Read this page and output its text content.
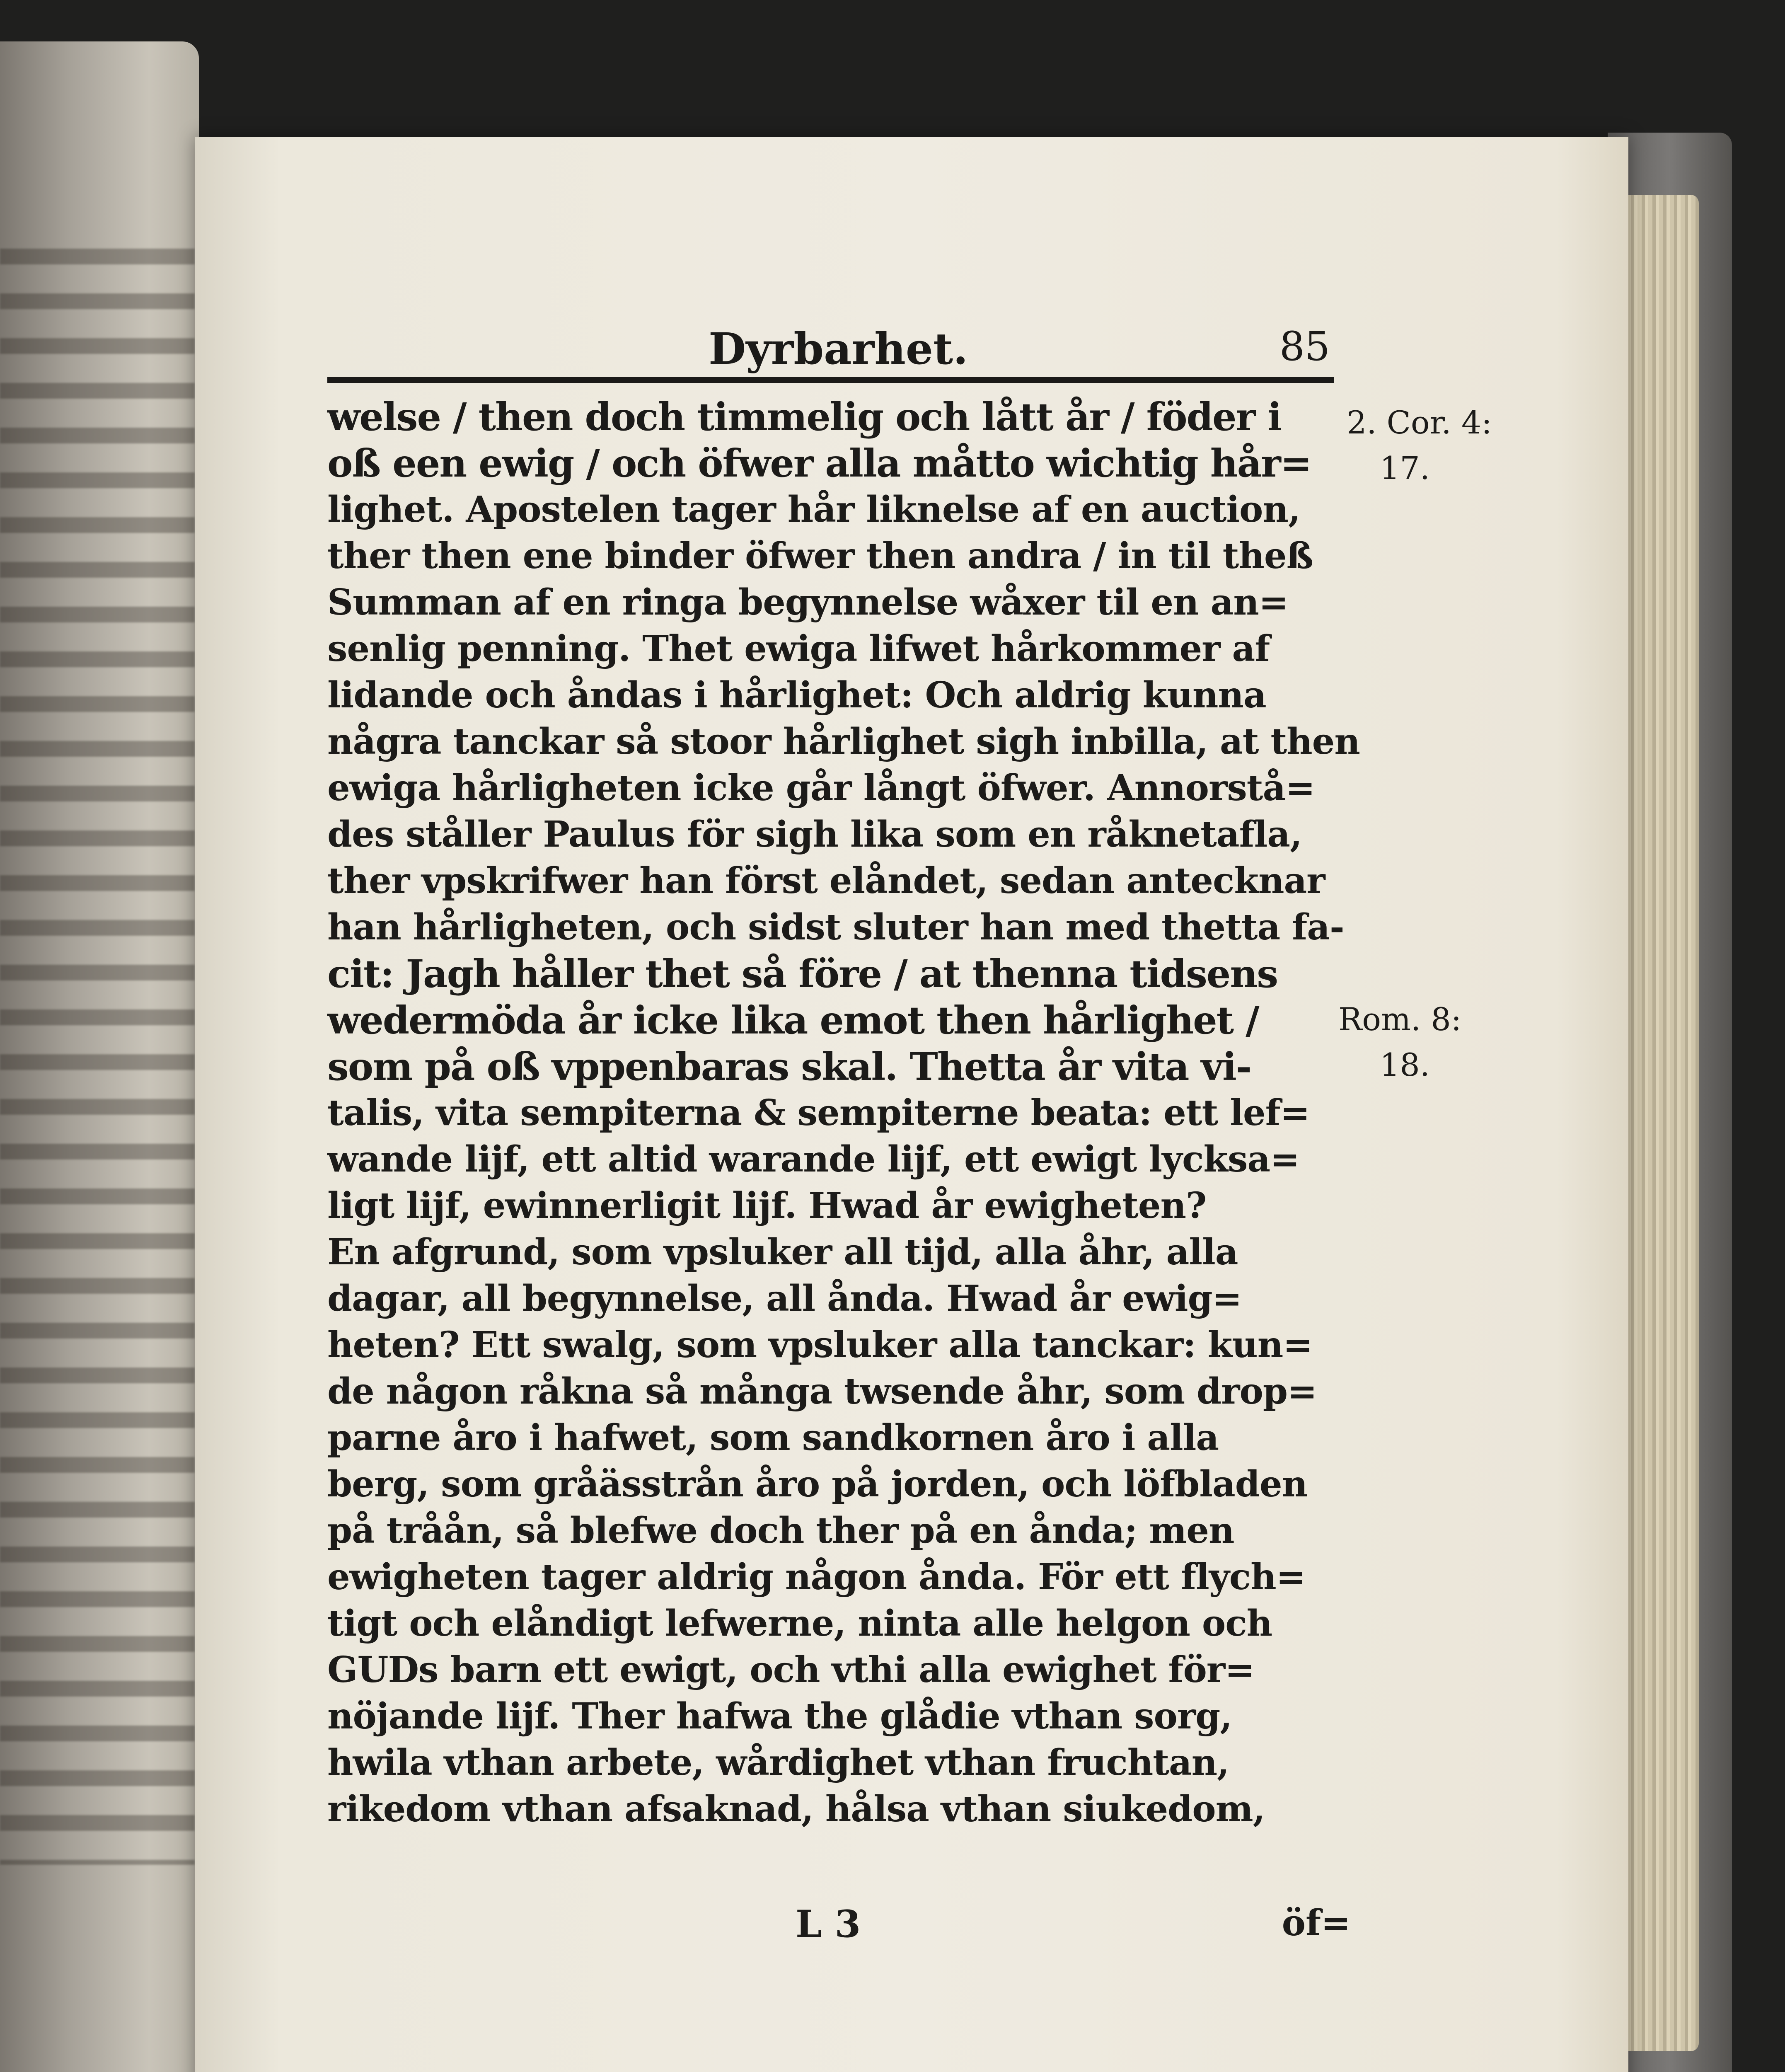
Dyrbarhet.	85
welse / then doch timmelig och lått år / föder i
oß een ewig / och öfwer alla måtto wichtig hår=
lighet. Apostelen tager hår liknelse af en auction,
ther then ene binder öfwer then andra / in til theß
Summan af en ringa begynnelse wåxer til en an=
senlig penning. Thet ewiga lifwet hårkommer af
lidande och åndas i hårlighet: Och aldrig kunna
några tanckar så stoor hårlighet sigh inbilla, at then
ewiga hårligheten icke går långt öfwer. Annorstå=
des ståller Paulus för sigh lika som en råknetafla,
ther vpskrifwer han först elåndet, sedan antecknar
han hårligheten, och sidst sluter han med thetta fa-
cit: Jagh håller thet så före / at thenna tidsens
wedermöda år icke lika emot then hårlighet /
som på oß vppenbaras skal. Thetta år vita vi-
talis, vita sempiterna & sempiterne beata: ett lef=
wande lijf, ett altid warande lijf, ett ewigt lycksa=
ligt lijf, ewinnerligit lijf. Hwad år ewigheten?
En afgrund, som vpsluker all tijd, alla åhr, alla
dagar, all begynnelse, all ånda. Hwad år ewig=
heten? Ett swalg, som vpsluker alla tanckar: kun=
de någon råkna så många twsende åhr, som drop=
parne åro i hafwet, som sandkornen åro i alla
berg, som gråässtrån åro på jorden, och löfbladen
på tråån, så blefwe doch ther på en ånda; men
ewigheten tager aldrig någon ånda. För ett flych=
tigt och elåndigt lefwerne, ninta alle helgon och
GUDs barn ett ewigt, och vthi alla ewighet för=
nöjande lijf. Ther hafwa the glådie vthan sorg,
hwila vthan arbete, wårdighet vthan fruchtan,
rikedom vthan afsaknad, hålsa vthan siukedom,
2. Cor. 4:
17.
Rom. 8:
18.
L 3	öf=
